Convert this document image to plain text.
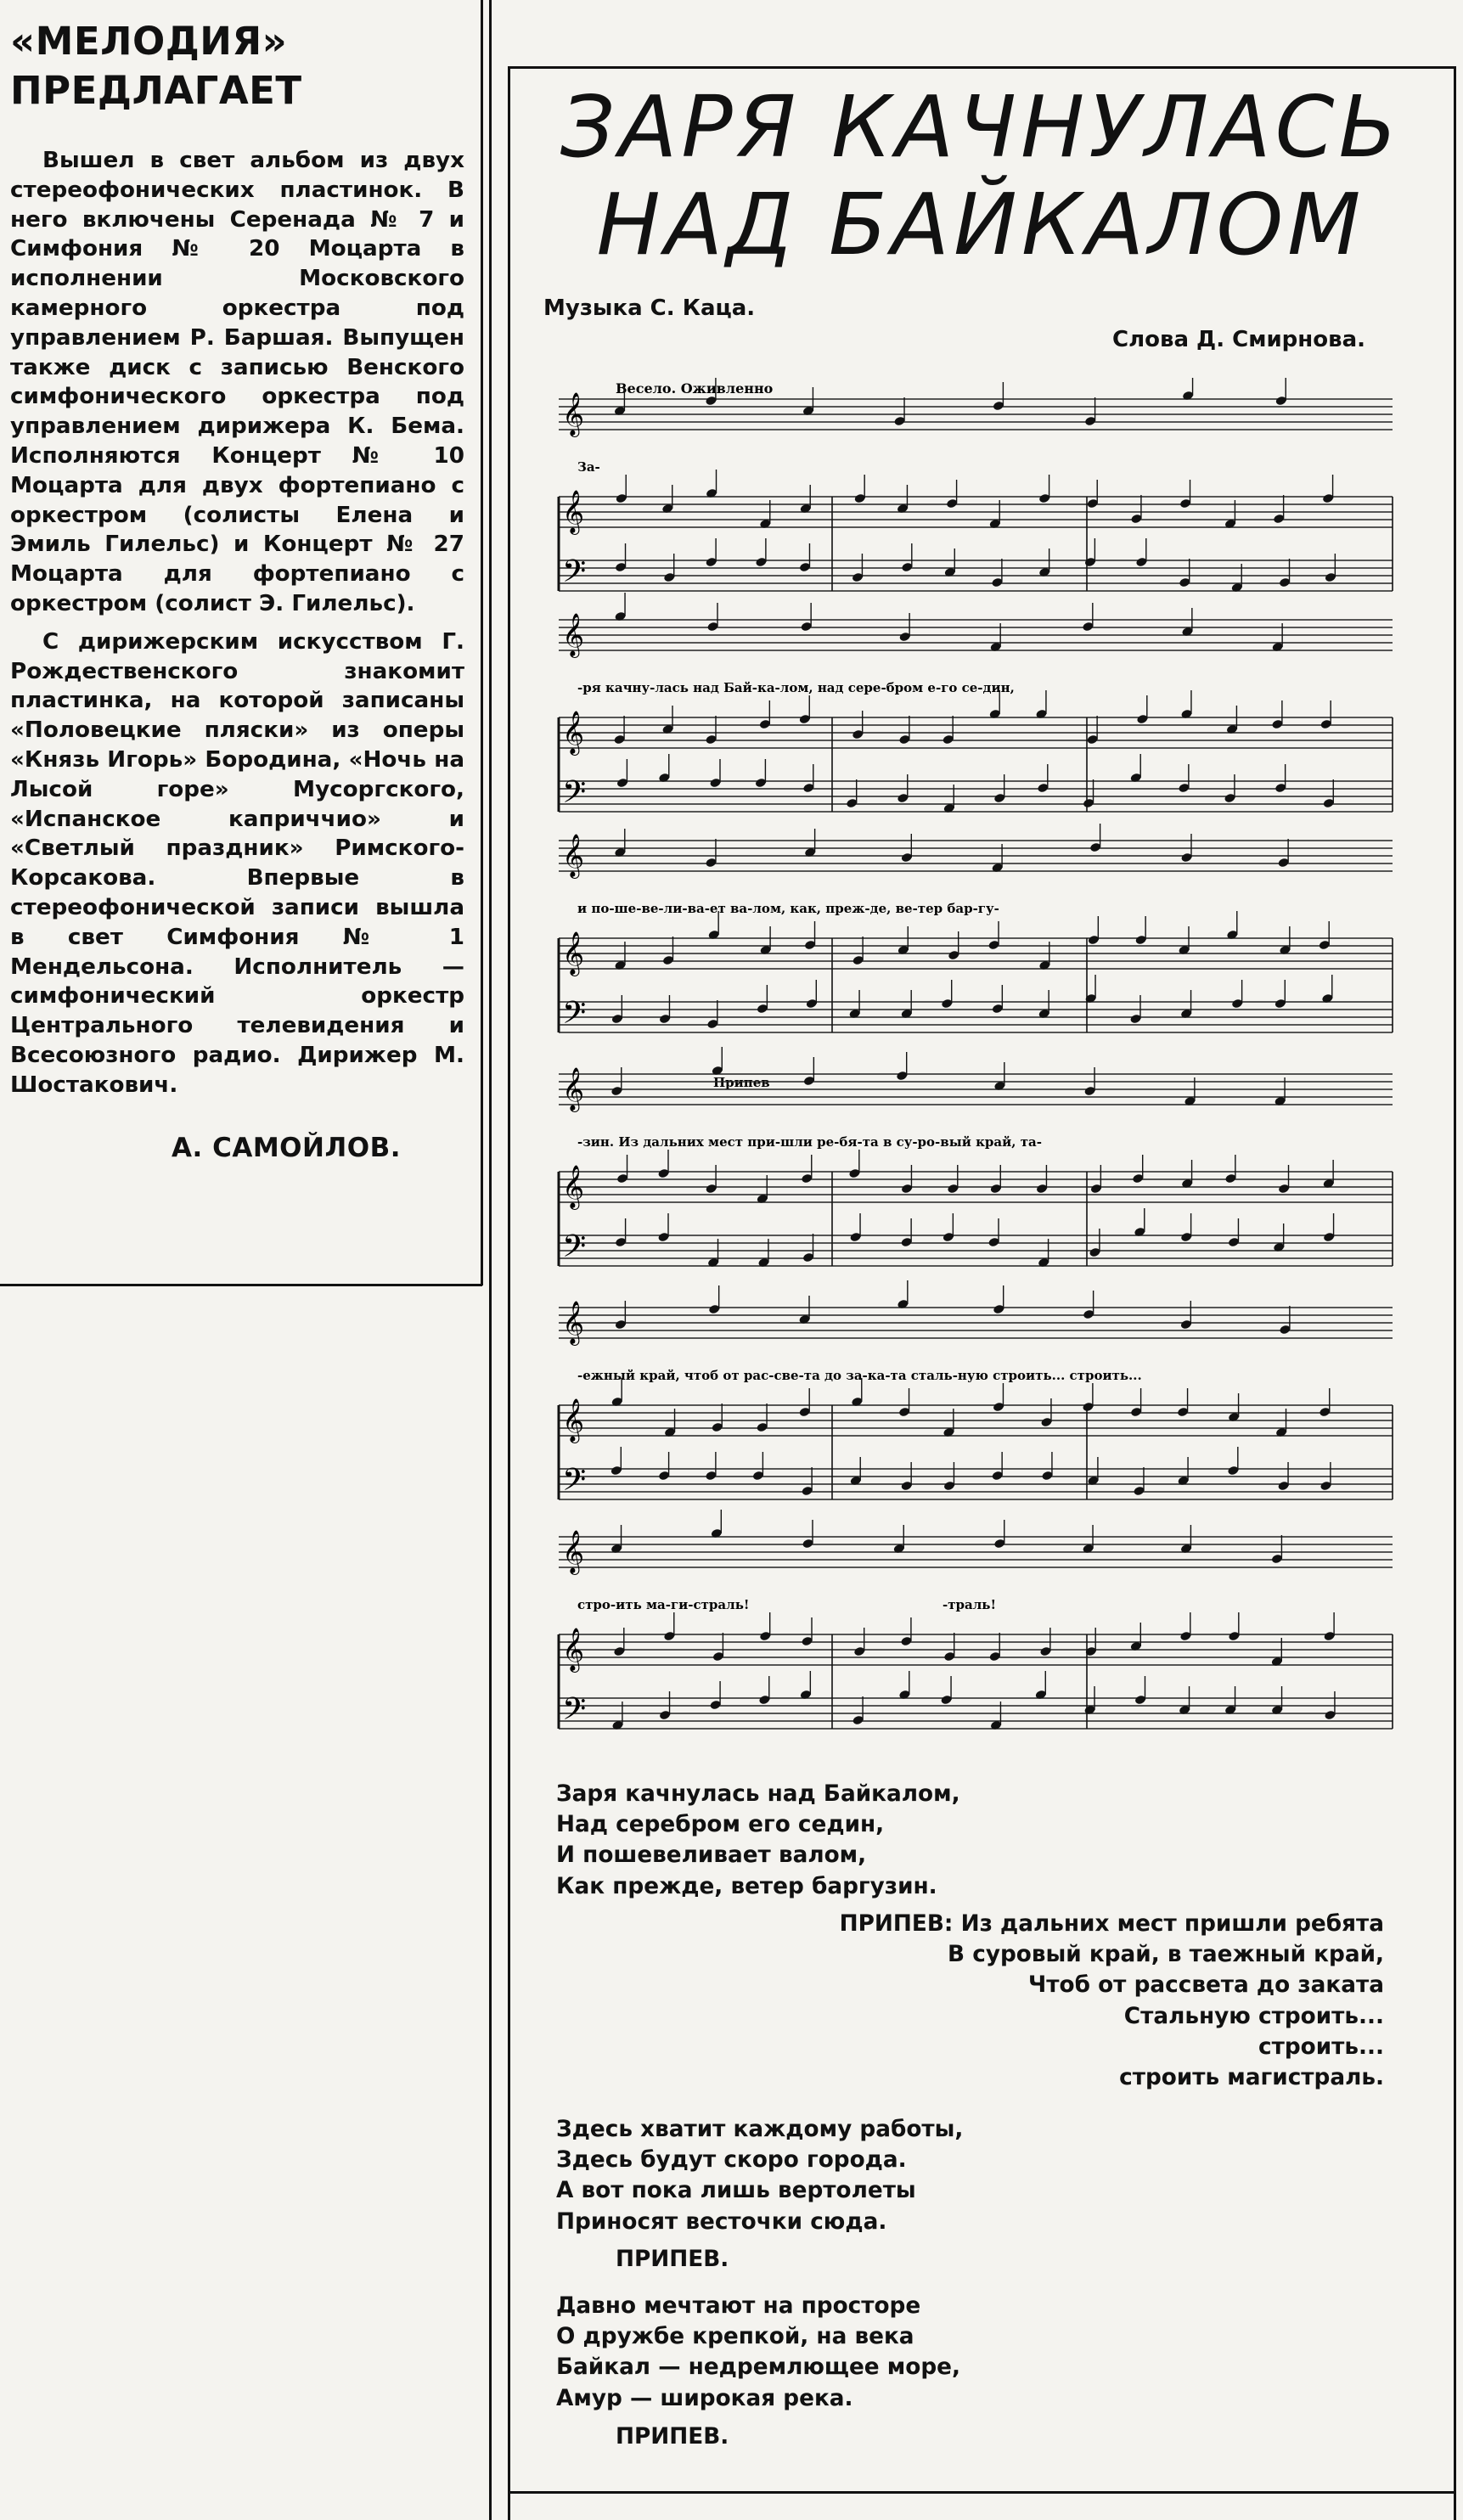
«МЕЛОДИЯ»
ПРЕДЛАГАЕТ

Вышел в свет альбом из двух стереофонических пластинок. В него включены Серенада № 7 и Симфония № 20 Моцарта в исполнении Московского камерного оркестра под управлением Р. Баршая. Выпущен также диск с записью Венского симфонического оркестра под управлением дирижера К. Бема. Исполняются Концерт № 10 Моцарта для двух фортепиано с оркестром (солисты Елена и Эмиль Гилельс) и Концерт № 27 Моцарта для фортепиано с оркестром (солист Э. Гилельс).

С дирижерским искусством Г. Рождественского знакомит пластинка, на которой записаны «Половецкие пляски» из оперы «Князь Игорь» Бородина, «Ночь на Лысой горе» Мусоргского, «Испанское каприччио» и «Светлый праздник» Римского-Корсакова. Впервые в стереофонической записи вышла в свет Симфония № 1 Мендельсона. Исполнитель — симфонический оркестр Центрального телевидения и Всесоюзного радио. Дирижер М. Шостакович.

А. САМОЙЛОВ.
ЗАРЯ КАЧНУЛАСЬ
НАД БАЙКАЛОМ
Музыка С. Каца.
Слова Д. Смирнова.
Весело. Оживленно
Припев
𝄞
𝄞
𝄢
За-
𝄞
𝄞
𝄢
-ря качну-лась над Бай-ка-лом, над сере-бром е-го се-дин,
𝄞
𝄞
𝄢
и по-ше-ве-ли-ва-ет ва-лом, как, преж-де, ве-тер бар-гу-
𝄞
𝄞
𝄢
-зин. Из дальних мест при-шли ре-бя-та в су-ро-вый край, та-
𝄞
𝄞
𝄢
-ежный край, чтоб от рас-све-та до за-ка-та сталь-ную строить... строить...
𝄞
𝄞
𝄢
стро-ить ма-ги-страль!	-траль!
Заря качнулась над Байкалом,
Над серебром его седин,
И пошевеливает валом,
Как прежде, ветер баргузин.
ПРИПЕВ: Из дальних мест пришли ребята
В суровый край, в таежный край,
Чтоб от рассвета до заката
Стальную строить...
строить...
строить магистраль.
Здесь хватит каждому работы,
Здесь будут скоро города.
А вот пока лишь вертолеты
Приносят весточки сюда.
ПРИПЕВ.
Давно мечтают на просторе
О дружбе крепкой, на века
Байкал — недремлющее море,
Амур — широкая река.
ПРИПЕВ.
